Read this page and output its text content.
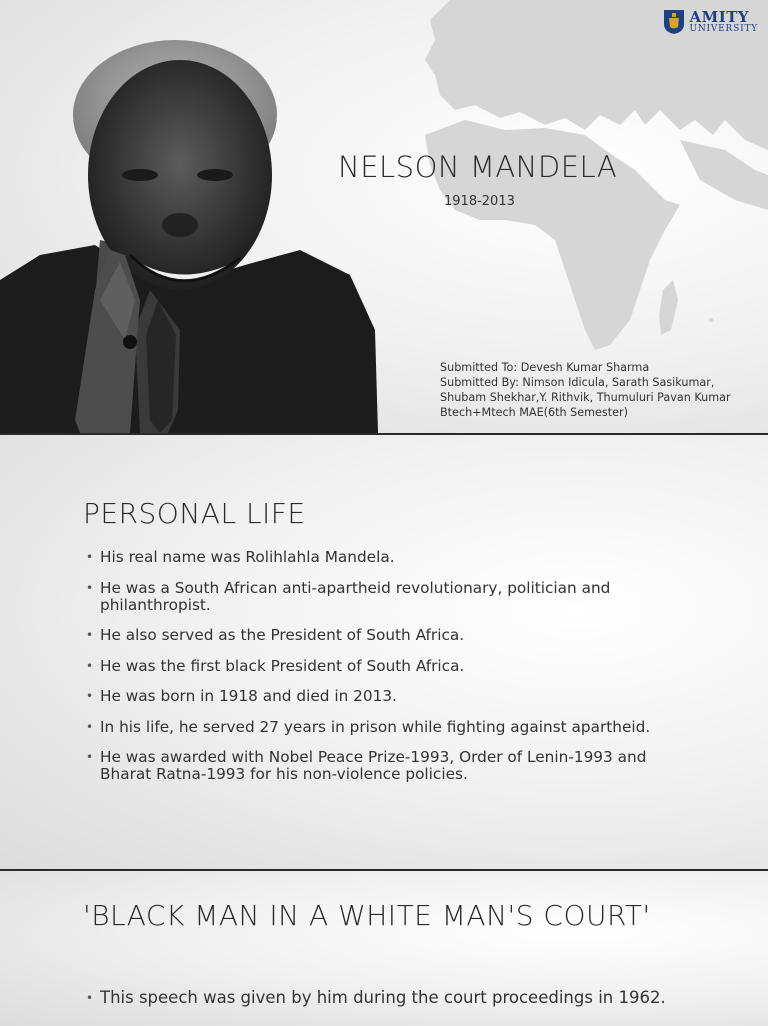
AMITY
UNIVERSITY
NELSON MANDELA
1918-2013
Submitted To: Devesh Kumar Sharma
Submitted By: Nimson Idicula, Sarath Sasikumar,
Shubam Shekhar,Y. Rithvik, Thumuluri Pavan Kumar
Btech+Mtech MAE(6th Semester)
PERSONAL LIFE
• His real name was Rolihlahla Mandela.
• He was a South African anti-apartheid revolutionary, politician and philanthropist.
• He also served as the President of South Africa.
• He was the first black President of South Africa.
• He was born in 1918 and died in 2013.
• In his life, he served 27 years in prison while fighting against apartheid.
• He was awarded with Nobel Peace Prize-1993, Order of Lenin-1993 and Bharat Ratna-1993 for his non-violence policies.
'BLACK MAN IN A WHITE MAN'S COURT'
• This speech was given by him during the court proceedings in 1962.
